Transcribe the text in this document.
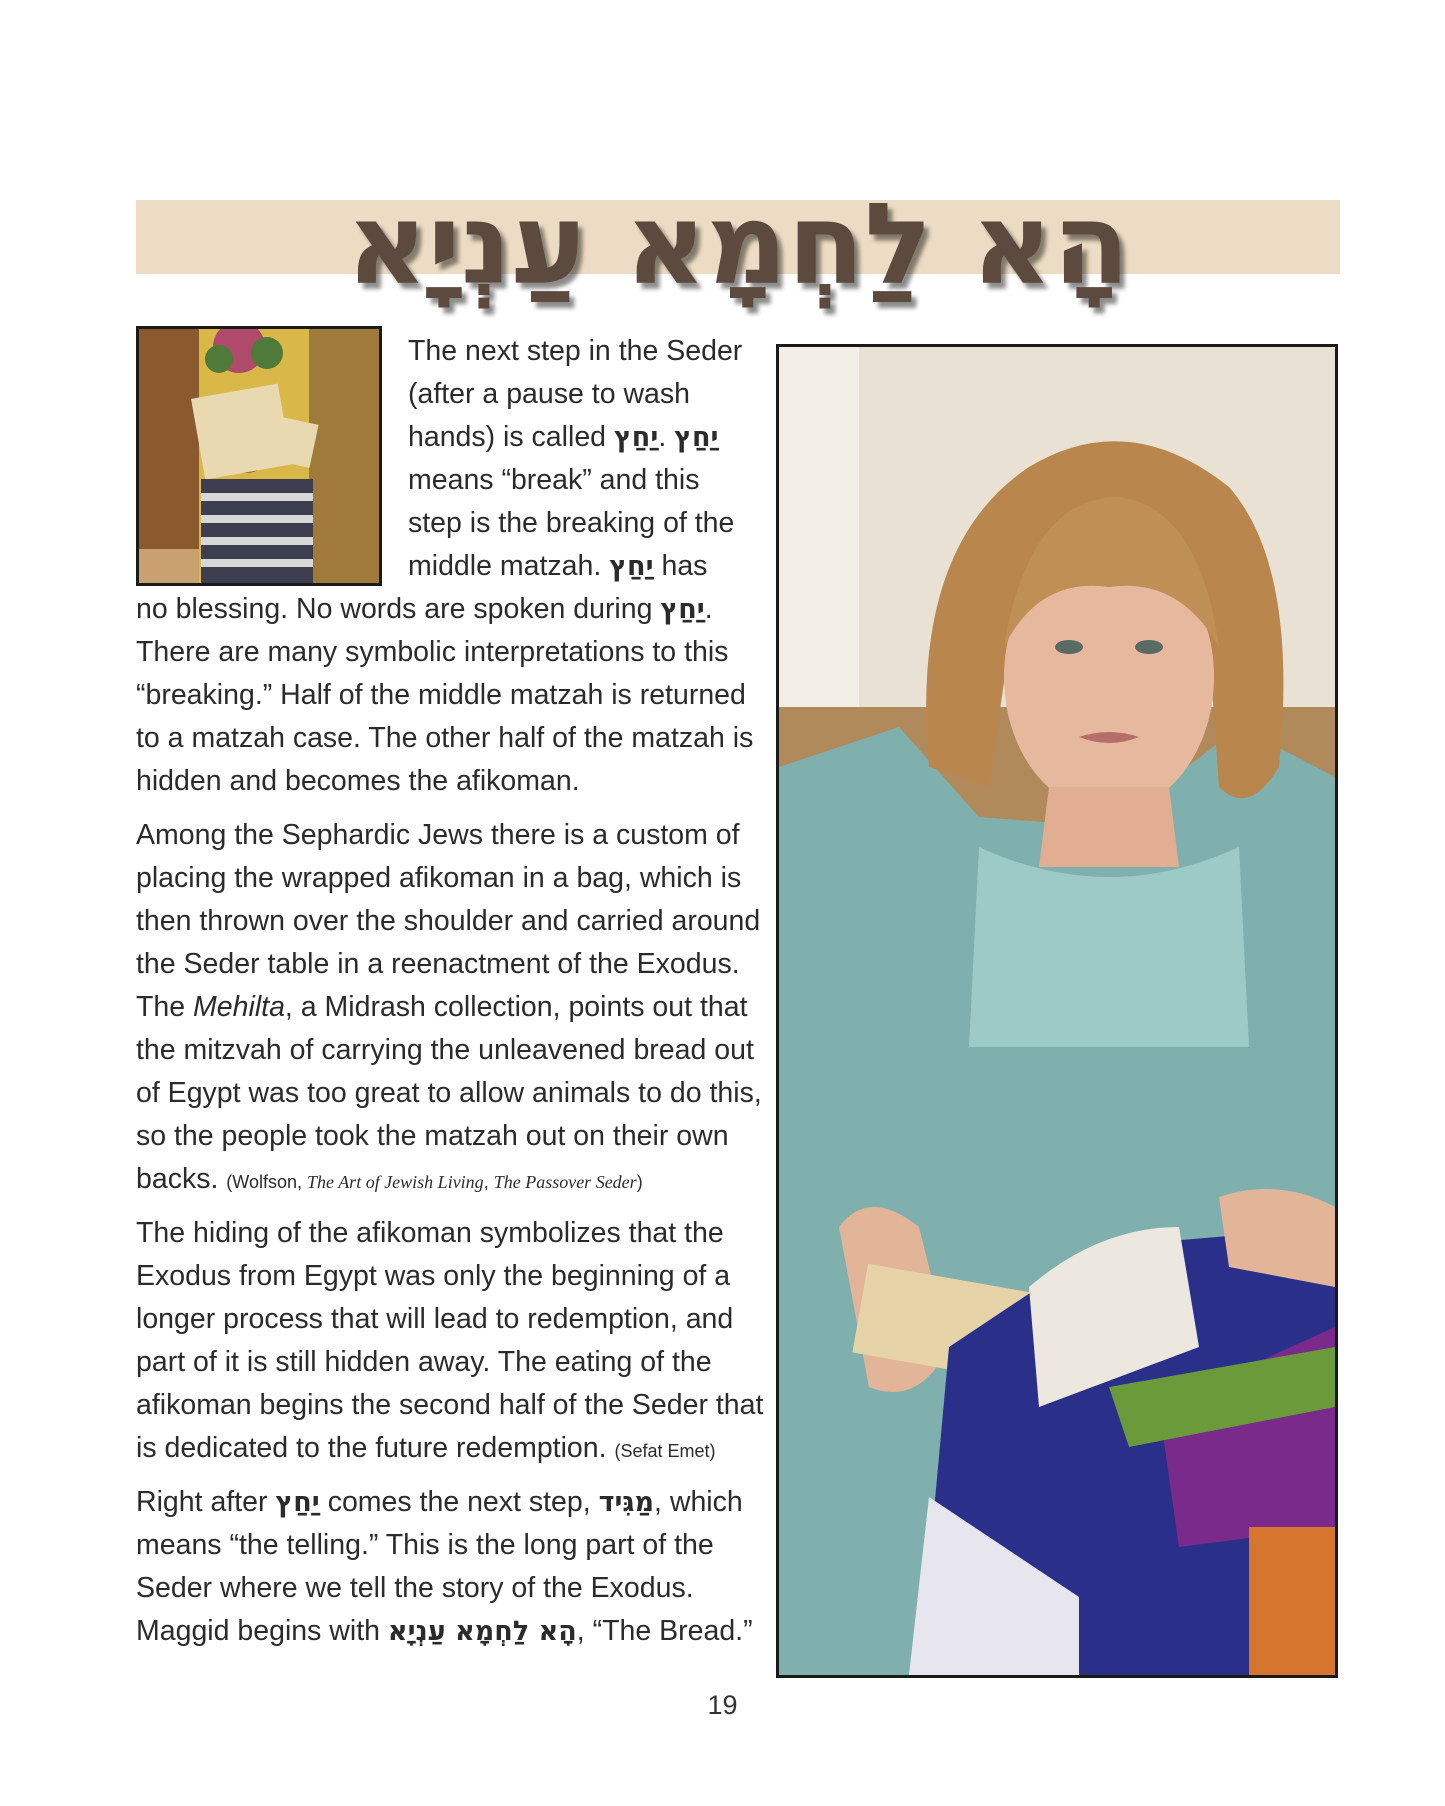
הָא לַחְמָא עַנְיָא
The next step in the Seder
(after a pause to wash
hands) is called יַחַץ. יַחַץ
means “break” and this
step is the breaking of the
middle matzah. יַחַץ has
no blessing. No words are spoken during יַחַץ.
There are many symbolic interpretations to this
“breaking.” Half of the middle matzah is returned
to a matzah case. The other half of the matzah is
hidden and becomes the afikoman.
Among the Sephardic Jews there is a custom of
placing the wrapped afikoman in a bag, which is
then thrown over the shoulder and carried around
the Seder table in a reenactment of the Exodus.
The Mehilta, a Midrash collection, points out that
the mitzvah of carrying the unleavened bread out
of Egypt was too great to allow animals to do this,
so the people took the matzah out on their own
backs. (Wolfson, The Art of Jewish Living, The Passover Seder)
The hiding of the afikoman symbolizes that the
Exodus from Egypt was only the beginning of a
longer process that will lead to redemption, and
part of it is still hidden away. The eating of the
afikoman begins the second half of the Seder that
is dedicated to the future redemption. (Sefat Emet)
Right after יַחַץ comes the next step, מַגִּיד, which
means “the telling.” This is the long part of the
Seder where we tell the story of the Exodus.
Maggid begins with הָא לַחְמָא עַנְיָא, “The Bread.”
19
